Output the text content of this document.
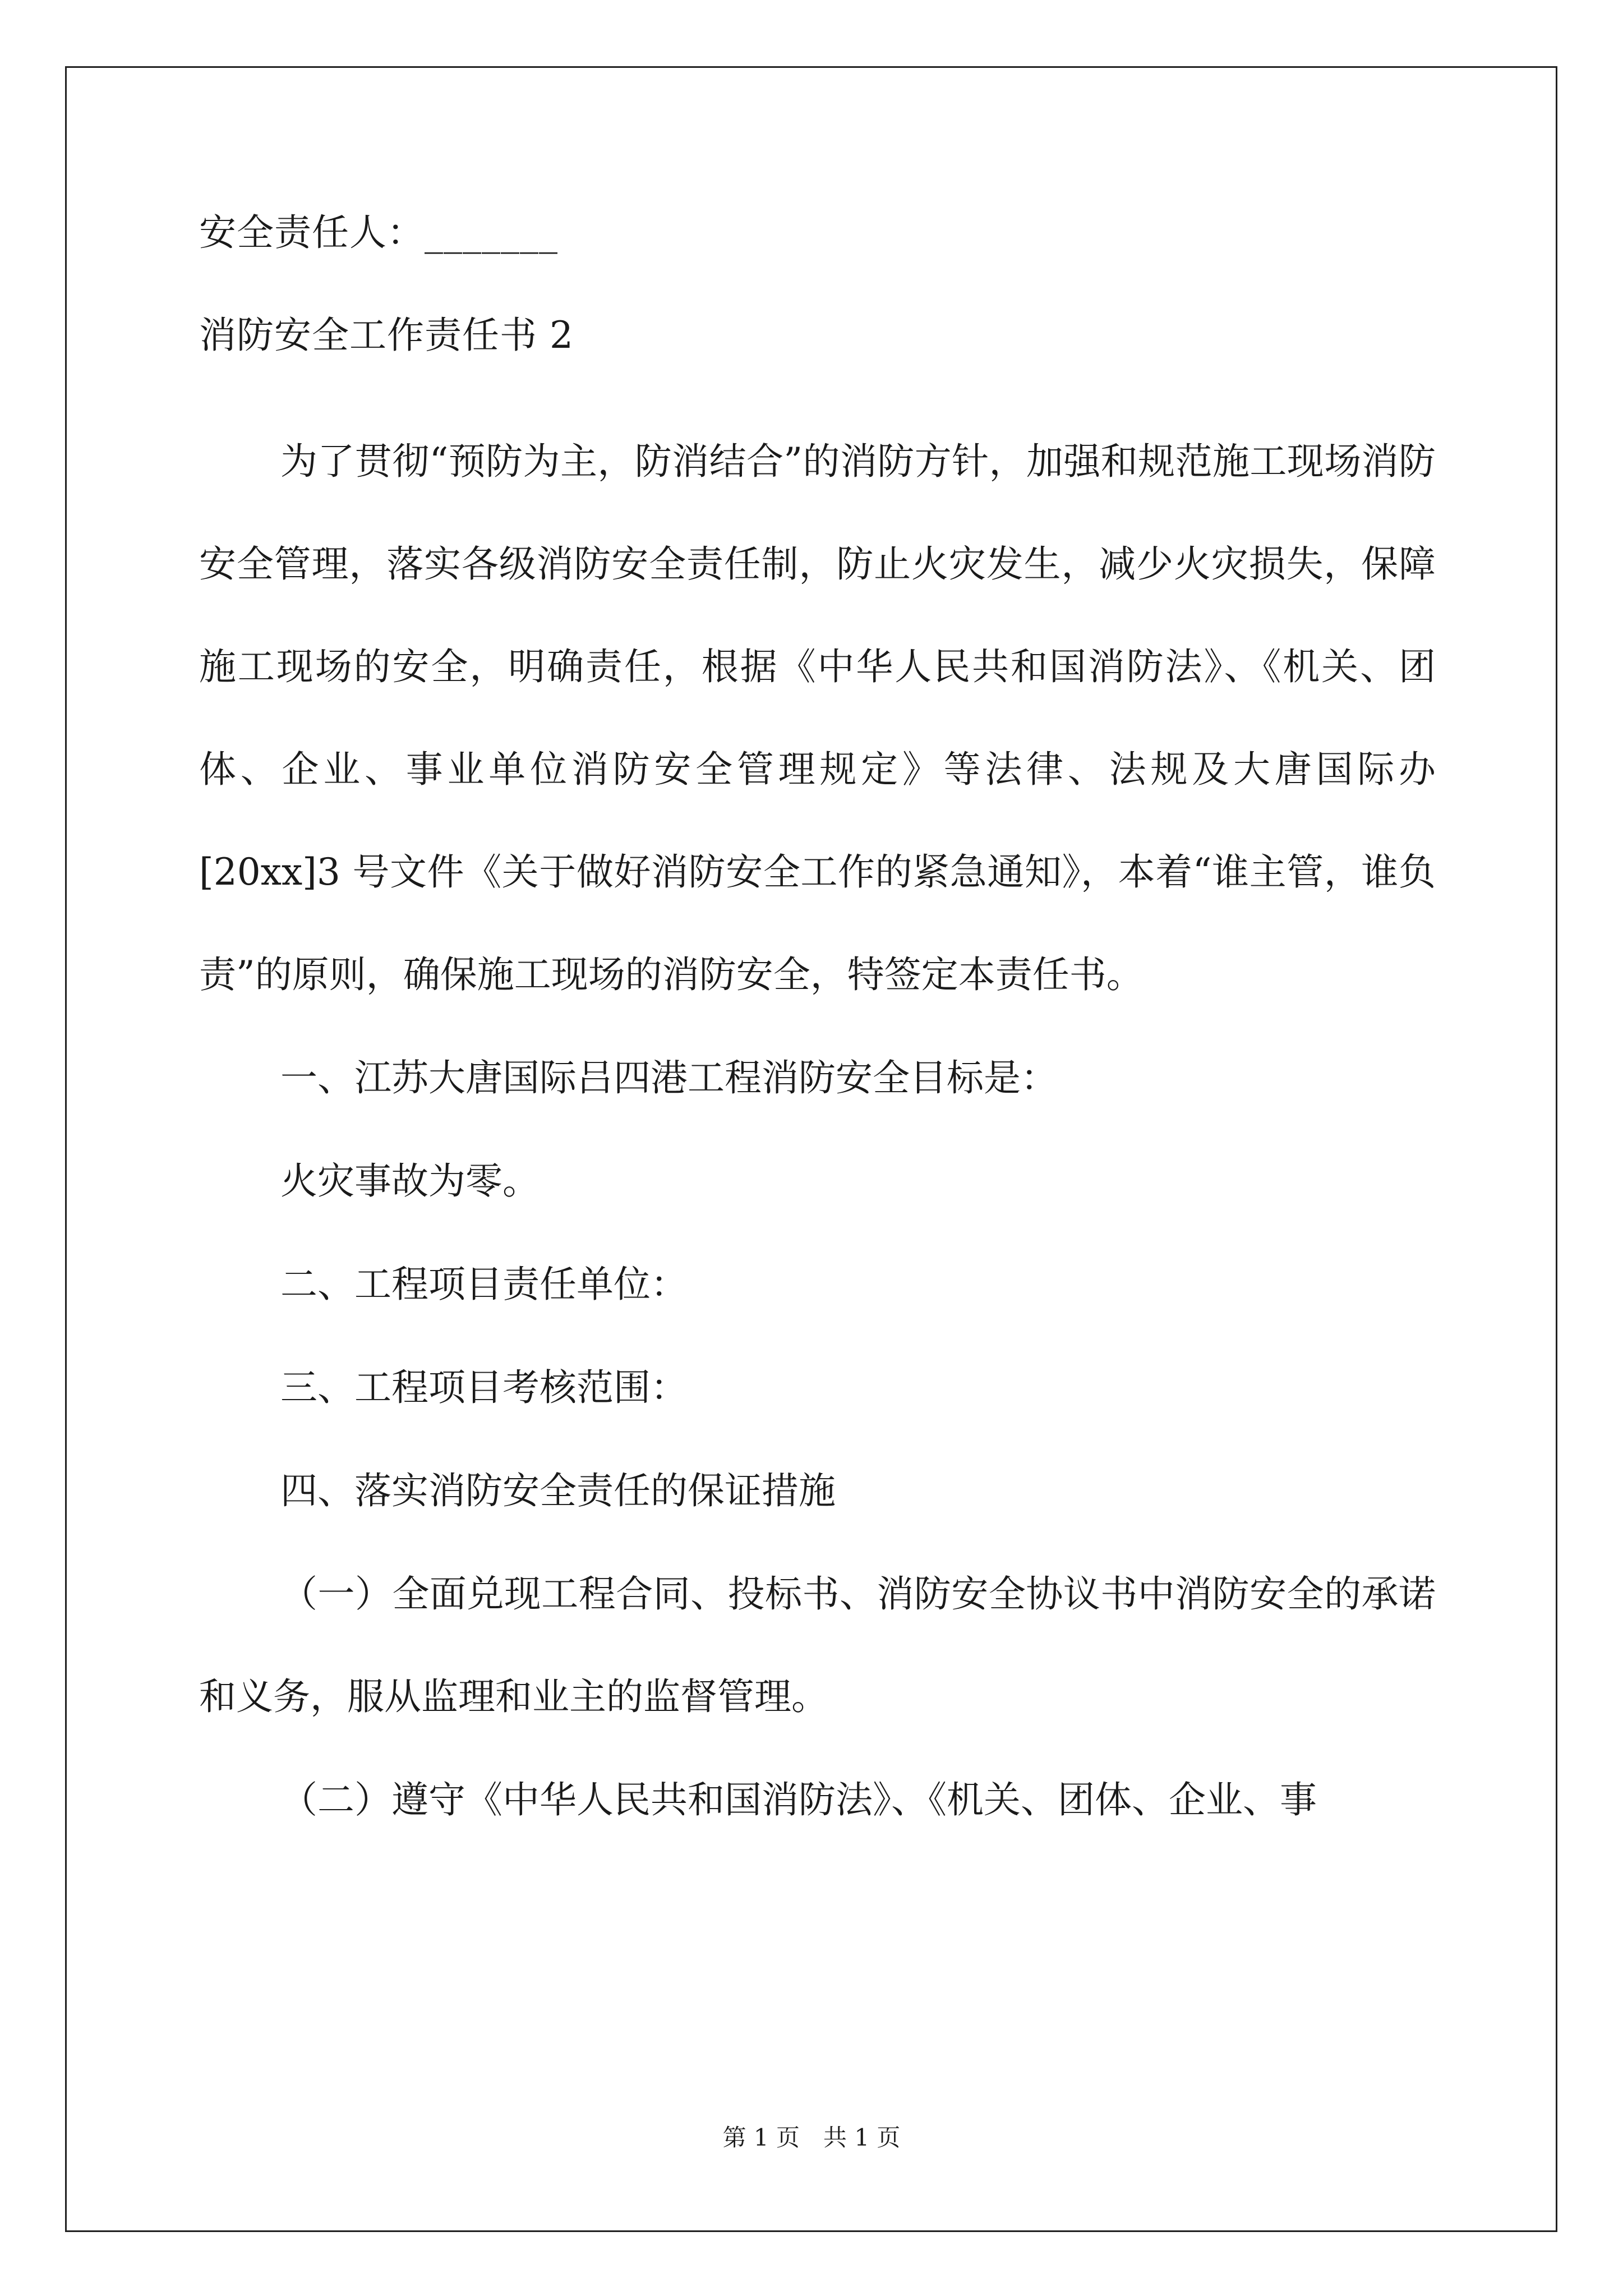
安全责任人：_______
消防安全工作责任书 2
为了贯彻“预防为主，防消结合”的消防方针，加强和规范施工现场消防安全管理，落实各级消防安全责任制，防止火灾发生，减少火灾损失，保障施工现场的安全，明确责任，根据《中华人民共和国消防法》、《机关、团体、企业、事业单位消防安全管理规定》等法律、法规及大唐国际办[20xx]3 号文件《关于做好消防安全工作的紧急通知》，本着“谁主管，谁负责”的原则，确保施工现场的消防安全，特签定本责任书。
一、江苏大唐国际吕四港工程消防安全目标是：
火灾事故为零。
二、工程项目责任单位：
三、工程项目考核范围：
四、落实消防安全责任的保证措施
（一）全面兑现工程合同、投标书、消防安全协议书中消防安全的承诺和义务，服从监理和业主的监督管理。
（二）遵守《中华人民共和国消防法》、《机关、团体、企业、事
第 1 页　共 1 页
